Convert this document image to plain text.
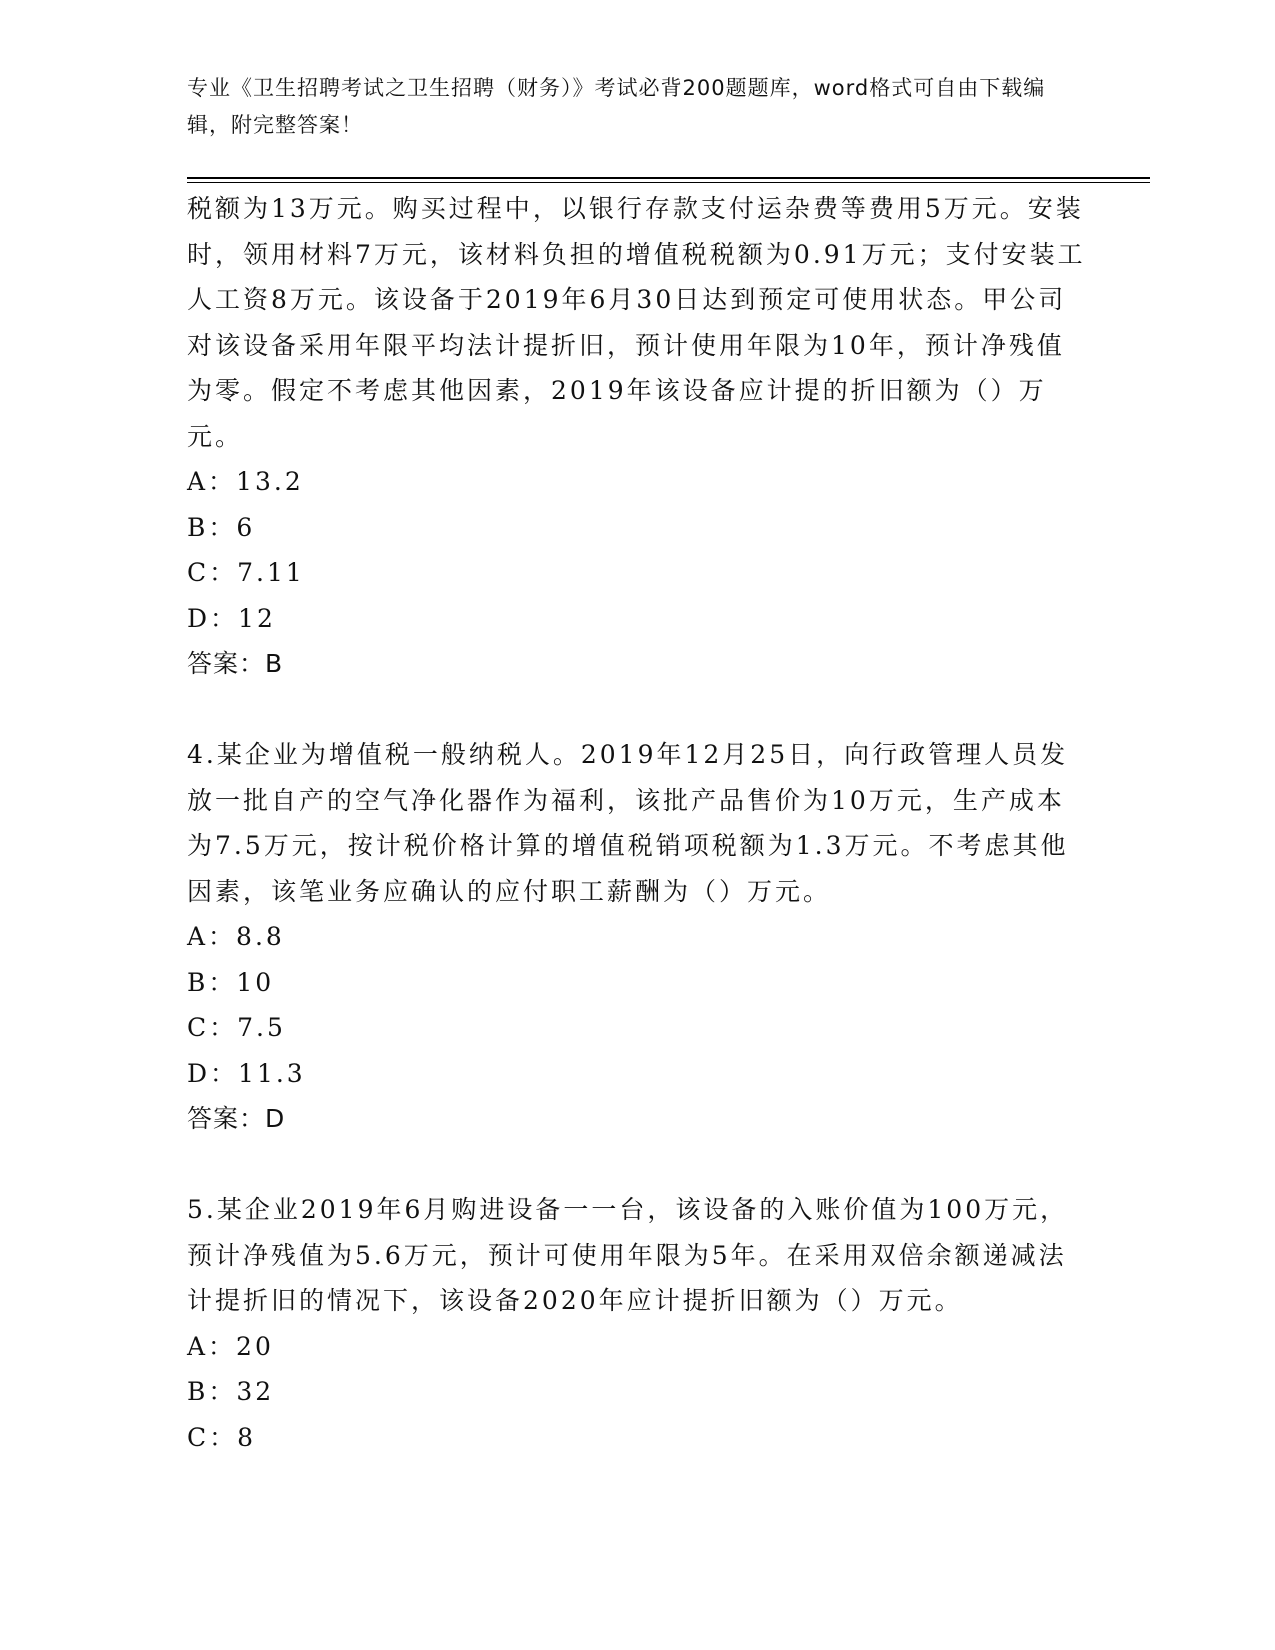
专业《卫生招聘考试之卫生招聘（财务）》考试必背200题题库，word格式可自由下载编辑，附完整答案！

税额为13万元。购买过程中，以银行存款支付运杂费等费用5万元。安装时，领用材料7万元，该材料负担的增值税税额为0.91万元；支付安装工人工资8万元。该设备于2019年6月30日达到预定可使用状态。甲公司对该设备采用年限平均法计提折旧，预计使用年限为10年，预计净残值为零。假定不考虑其他因素，2019年该设备应计提的折旧额为（）万元。

A：13.2

B：6

C：7.11

D：12

答案：B

4.某企业为增值税一般纳税人。2019年12月25日，向行政管理人员发放一批自产的空气净化器作为福利，该批产品售价为10万元，生产成本为7.5万元，按计税价格计算的增值税销项税额为1.3万元。不考虑其他因素，该笔业务应确认的应付职工薪酬为（）万元。

A：8.8

B：10

C：7.5

D：11.3

答案：D

5.某企业2019年6月购进设备一一台，该设备的入账价值为100万元，预计净残值为5.6万元，预计可使用年限为5年。在采用双倍余额递减法计提折旧的情况下，该设备2020年应计提折旧额为（）万元。

A：20

B：32

C：8
